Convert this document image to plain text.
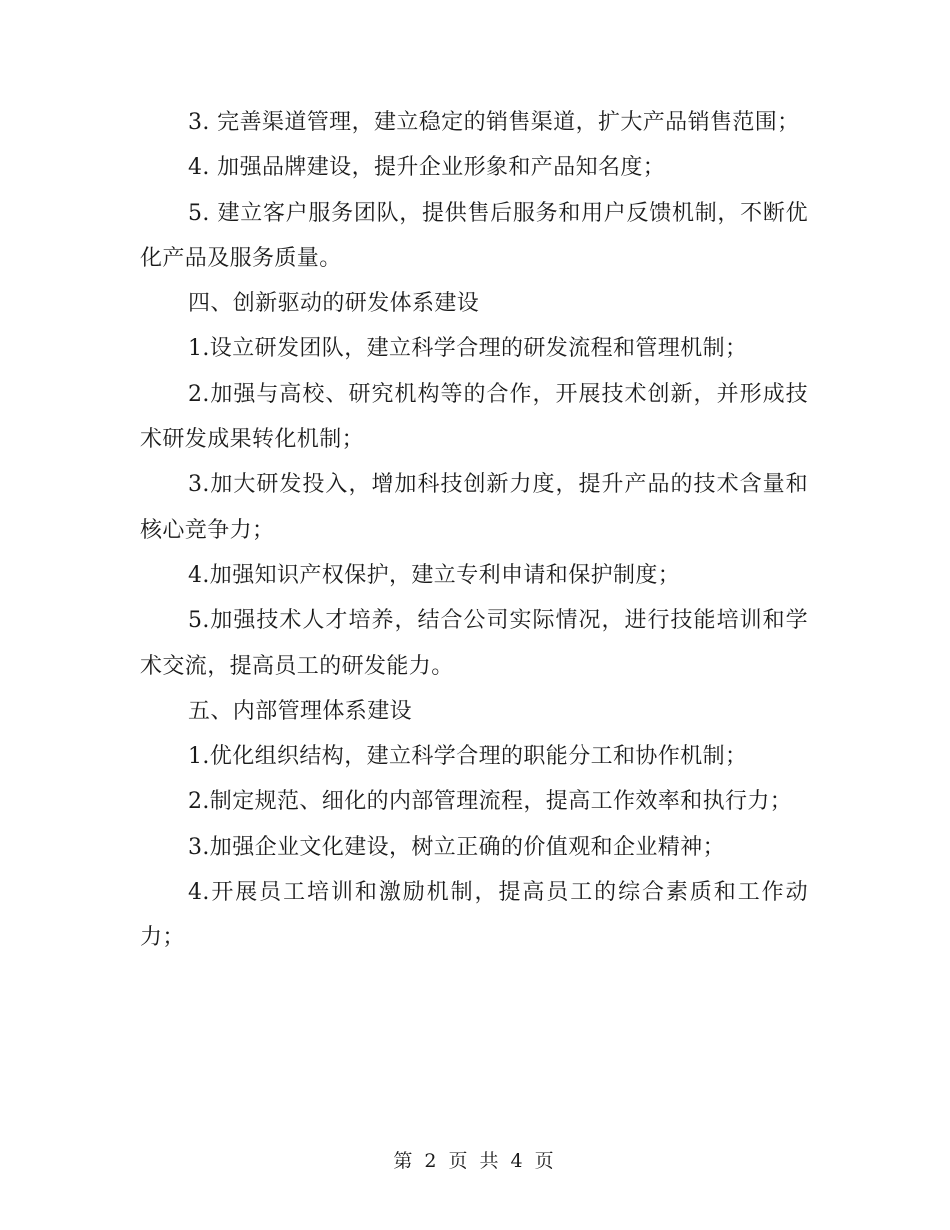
3. 完善渠道管理，建立稳定的销售渠道，扩大产品销售范围；

4. 加强品牌建设，提升企业形象和产品知名度；

5. 建立客户服务团队，提供售后服务和用户反馈机制，不断优化产品及服务质量。

四、创新驱动的研发体系建设

1.设立研发团队，建立科学合理的研发流程和管理机制；

2.加强与高校、研究机构等的合作，开展技术创新，并形成技术研发成果转化机制；

3.加大研发投入，增加科技创新力度，提升产品的技术含量和核心竞争力；

4.加强知识产权保护，建立专利申请和保护制度；

5.加强技术人才培养，结合公司实际情况，进行技能培训和学术交流，提高员工的研发能力。

五、内部管理体系建设

1.优化组织结构，建立科学合理的职能分工和协作机制；

2.制定规范、细化的内部管理流程，提高工作效率和执行力；

3.加强企业文化建设，树立正确的价值观和企业精神；

4.开展员工培训和激励机制，提高员工的综合素质和工作动力；

第 2 页 共 4 页
